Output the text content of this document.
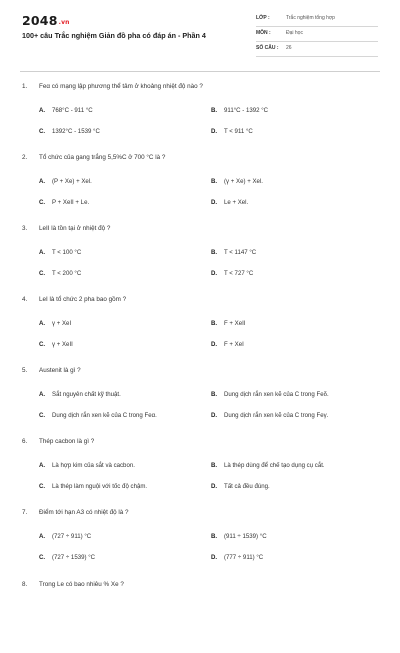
2048.vn
100+ câu Trắc nghiệm Giản đồ pha có đáp án - Phần 4
LỚP :	Trắc nghiệm tổng hợp
MÔN :	Đại học
SỐ CÂU : 26
1. Feα có mạng lập phương thể tâm ở khoảng nhiệt độ nào ?
A. 768°C - 911 °C	B. 911°C - 1392 °C
C. 1392°C - 1539 °C	D. T < 911 °C
2. Tổ chức của gang trắng 5,5%C ở 700 °C là ?
A. (P + Xe) + Xel.	B. (γ + Xe) + Xel.
C. P + XeII + Le.	D. Le + Xel.
3. LeII là tồn tại ở nhiệt độ ?
A. T < 100 °C	B. T < 1147 °C
C. T < 200 °C	D. T < 727 °C
4. LeI là tổ chức 2 pha bao gồm ?
A. γ + XeI	B. F + XeII
C. γ + XeII	D. F + XeI
5. Austenit là gì ?
A. Sắt nguyên chất kỹ thuật.	B. Dung dịch rắn xen kẽ của C trong Feδ.
C. Dung dịch rắn xen kẽ của C trong Feα.	D. Dung dịch rắn xen kẽ của C trong Feγ.
6. Thép cacbon là gì ?
A. Là hợp kim của sắt và cacbon.	B. Là thép dùng để chế tạo dụng cụ cắt.
C. Là thép làm nguội với tốc độ chậm.	D. Tất cả đều đúng.
7. Điểm tới hạn A3 có nhiệt độ là ?
A. (727 ÷ 911) °C	B. (911 ÷ 1539) °C
C. (727 ÷ 1539) °C	D. (777 ÷ 911) °C
8. Trong Le có bao nhiêu % Xe ?
